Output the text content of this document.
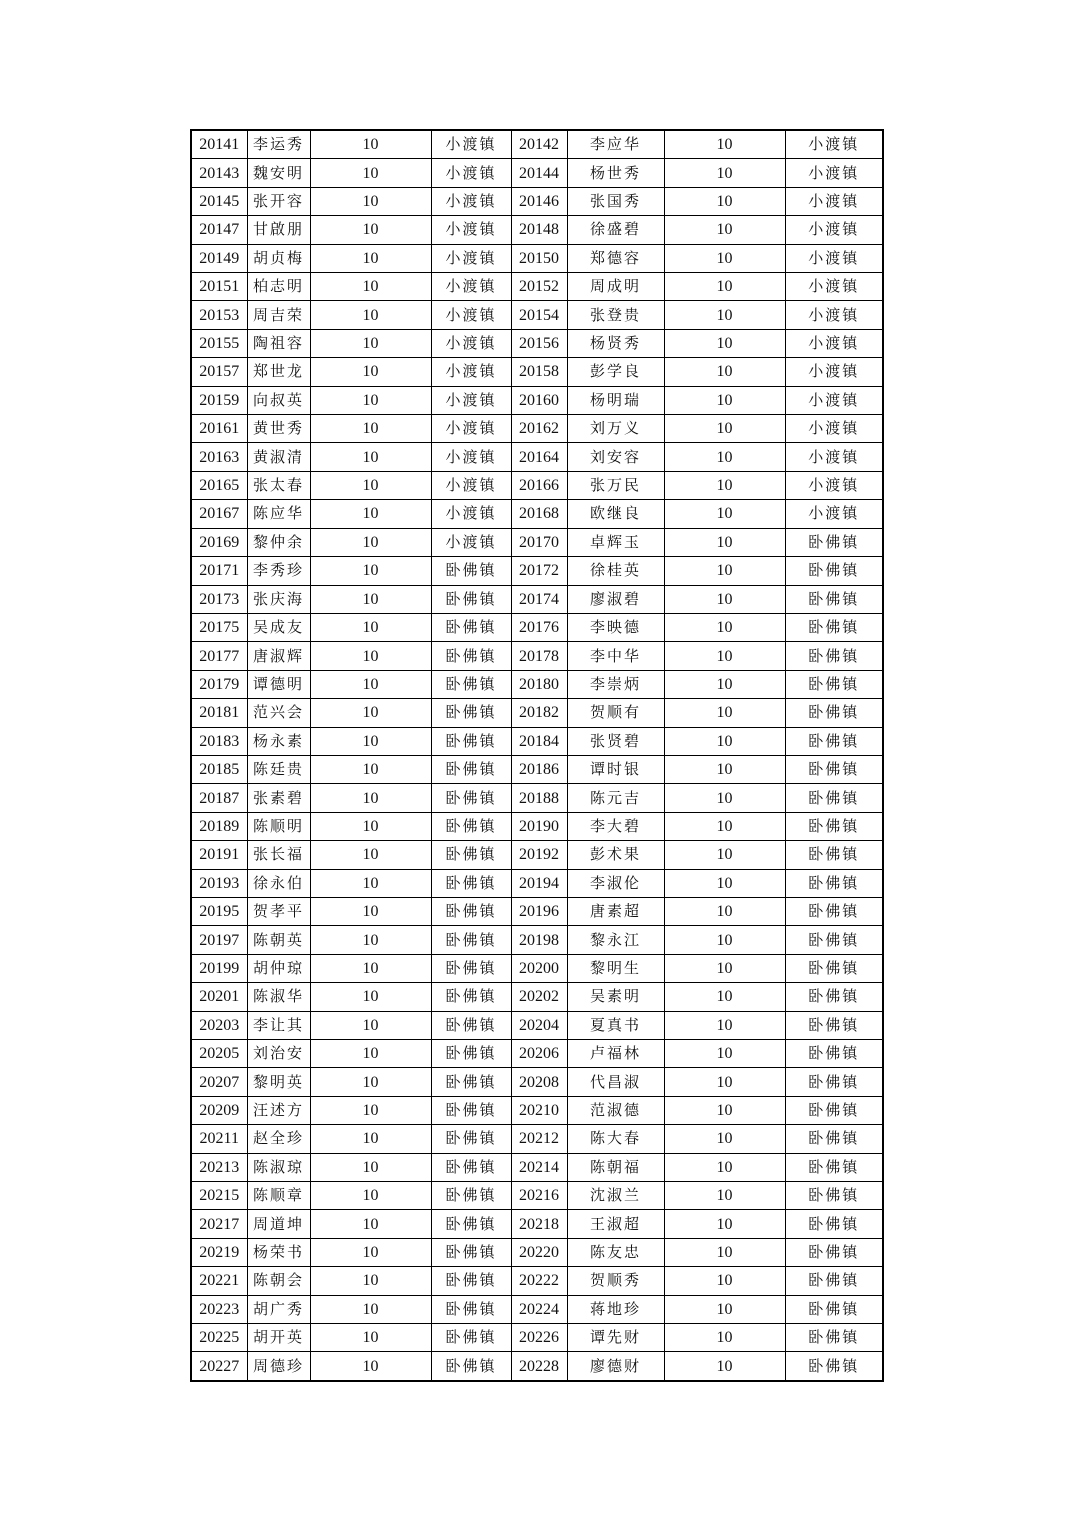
20141	李运秀	10	小渡镇	20142	李应华	10	小渡镇
20143	魏安明	10	小渡镇	20144	杨世秀	10	小渡镇
20145	张开容	10	小渡镇	20146	张国秀	10	小渡镇
20147	甘啟朋	10	小渡镇	20148	徐盛碧	10	小渡镇
20149	胡贞梅	10	小渡镇	20150	郑德容	10	小渡镇
20151	柏志明	10	小渡镇	20152	周成明	10	小渡镇
20153	周吉荣	10	小渡镇	20154	张登贵	10	小渡镇
20155	陶祖容	10	小渡镇	20156	杨贤秀	10	小渡镇
20157	郑世龙	10	小渡镇	20158	彭学良	10	小渡镇
20159	向叔英	10	小渡镇	20160	杨明瑞	10	小渡镇
20161	黄世秀	10	小渡镇	20162	刘万义	10	小渡镇
20163	黄淑清	10	小渡镇	20164	刘安容	10	小渡镇
20165	张太春	10	小渡镇	20166	张万民	10	小渡镇
20167	陈应华	10	小渡镇	20168	欧继良	10	小渡镇
20169	黎仲余	10	小渡镇	20170	卓辉玉	10	卧佛镇
20171	李秀珍	10	卧佛镇	20172	徐桂英	10	卧佛镇
20173	张庆海	10	卧佛镇	20174	廖淑碧	10	卧佛镇
20175	吴成友	10	卧佛镇	20176	李映德	10	卧佛镇
20177	唐淑辉	10	卧佛镇	20178	李中华	10	卧佛镇
20179	谭德明	10	卧佛镇	20180	李崇炳	10	卧佛镇
20181	范兴会	10	卧佛镇	20182	贺顺有	10	卧佛镇
20183	杨永素	10	卧佛镇	20184	张贤碧	10	卧佛镇
20185	陈廷贵	10	卧佛镇	20186	谭时银	10	卧佛镇
20187	张素碧	10	卧佛镇	20188	陈元吉	10	卧佛镇
20189	陈顺明	10	卧佛镇	20190	李大碧	10	卧佛镇
20191	张长福	10	卧佛镇	20192	彭术果	10	卧佛镇
20193	徐永伯	10	卧佛镇	20194	李淑伦	10	卧佛镇
20195	贺孝平	10	卧佛镇	20196	唐素超	10	卧佛镇
20197	陈朝英	10	卧佛镇	20198	黎永江	10	卧佛镇
20199	胡仲琼	10	卧佛镇	20200	黎明生	10	卧佛镇
20201	陈淑华	10	卧佛镇	20202	吴素明	10	卧佛镇
20203	李让其	10	卧佛镇	20204	夏真书	10	卧佛镇
20205	刘治安	10	卧佛镇	20206	卢福林	10	卧佛镇
20207	黎明英	10	卧佛镇	20208	代昌淑	10	卧佛镇
20209	汪述方	10	卧佛镇	20210	范淑德	10	卧佛镇
20211	赵全珍	10	卧佛镇	20212	陈大春	10	卧佛镇
20213	陈淑琼	10	卧佛镇	20214	陈朝福	10	卧佛镇
20215	陈顺章	10	卧佛镇	20216	沈淑兰	10	卧佛镇
20217	周道坤	10	卧佛镇	20218	王淑超	10	卧佛镇
20219	杨荣书	10	卧佛镇	20220	陈友忠	10	卧佛镇
20221	陈朝会	10	卧佛镇	20222	贺顺秀	10	卧佛镇
20223	胡广秀	10	卧佛镇	20224	蒋地珍	10	卧佛镇
20225	胡开英	10	卧佛镇	20226	谭先财	10	卧佛镇
20227	周德珍	10	卧佛镇	20228	廖德财	10	卧佛镇
